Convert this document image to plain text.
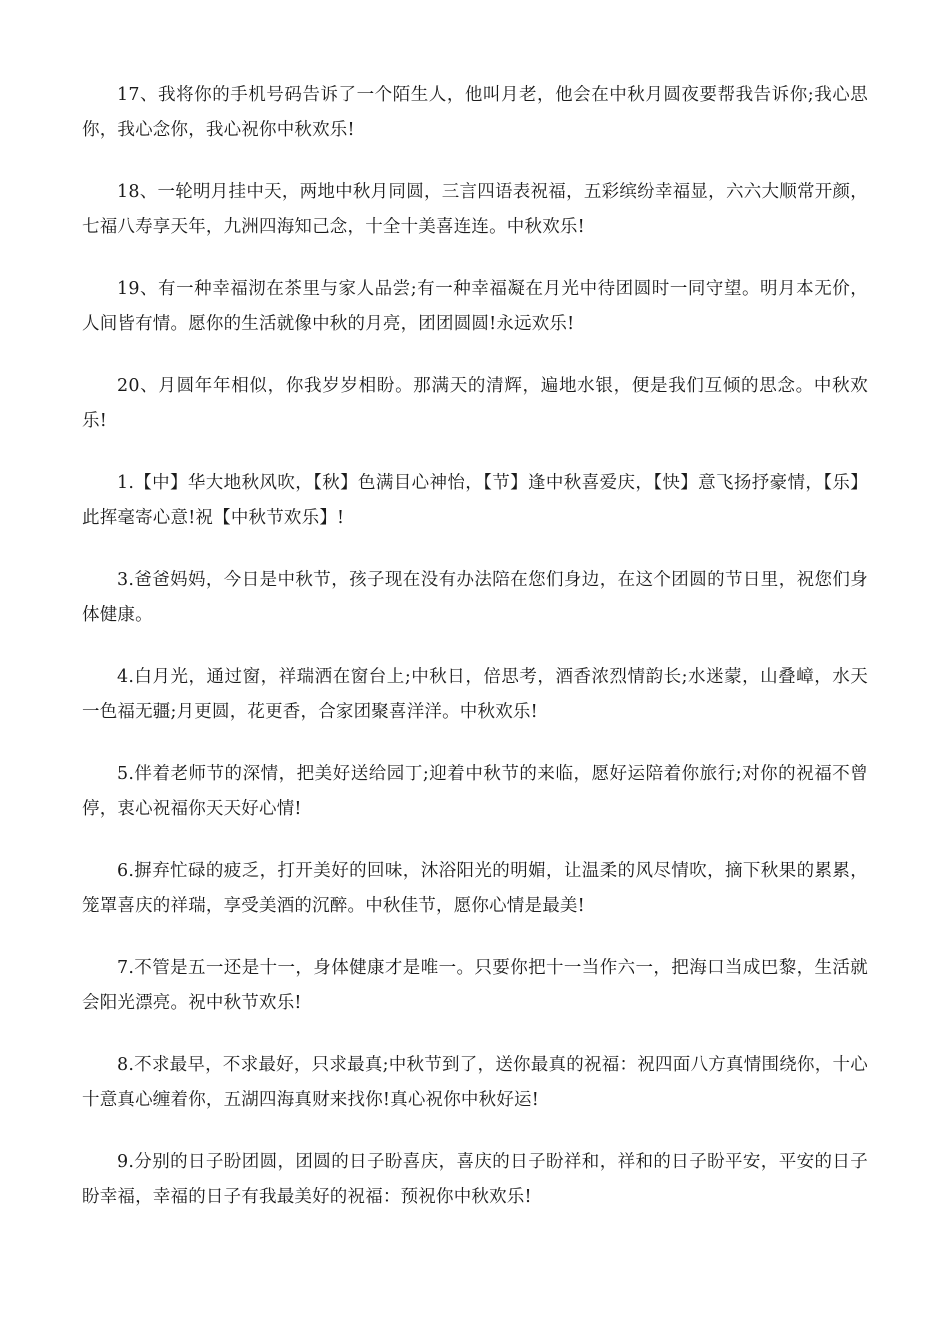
17、我将你的手机号码告诉了一个陌生人，他叫月老，他会在中秋月圆夜要帮我告诉你;我心思你，我心念你，我心祝你中秋欢乐!

18、一轮明月挂中天，两地中秋月同圆，三言四语表祝福，五彩缤纷幸福显，六六大顺常开颜，七福八寿享天年，九洲四海知己念，十全十美喜连连。中秋欢乐!

19、有一种幸福沏在茶里与家人品尝;有一种幸福凝在月光中待团圆时一同守望。明月本无价，人间皆有情。愿你的生活就像中秋的月亮，团团圆圆!永远欢乐!

20、月圆年年相似，你我岁岁相盼。那满天的清辉，遍地水银，便是我们互倾的思念。中秋欢乐!

1.【中】华大地秋风吹，【秋】色满目心神怡，【节】逢中秋喜爱庆，【快】意飞扬抒豪情，【乐】此挥毫寄心意!祝【中秋节欢乐】!

3.爸爸妈妈，今日是中秋节，孩子现在没有办法陪在您们身边，在这个团圆的节日里，祝您们身体健康。

4.白月光，通过窗，祥瑞洒在窗台上;中秋日，倍思考，酒香浓烈情韵长;水迷蒙，山叠嶂，水天一色福无疆;月更圆，花更香，合家团聚喜洋洋。中秋欢乐!

5.伴着老师节的深情，把美好送给园丁;迎着中秋节的来临，愿好运陪着你旅行;对你的祝福不曾停，衷心祝福你天天好心情!

6.摒弃忙碌的疲乏，打开美好的回味，沐浴阳光的明媚，让温柔的风尽情吹，摘下秋果的累累，笼罩喜庆的祥瑞，享受美酒的沉醉。中秋佳节，愿你心情是最美!

7.不管是五一还是十一，身体健康才是唯一。只要你把十一当作六一，把海口当成巴黎，生活就会阳光漂亮。祝中秋节欢乐!

8.不求最早，不求最好，只求最真;中秋节到了，送你最真的祝福：祝四面八方真情围绕你，十心十意真心缠着你，五湖四海真财来找你!真心祝你中秋好运!

9.分别的日子盼团圆，团圆的日子盼喜庆，喜庆的日子盼祥和，祥和的日子盼平安，平安的日子盼幸福，幸福的日子有我最美好的祝福：预祝你中秋欢乐!
